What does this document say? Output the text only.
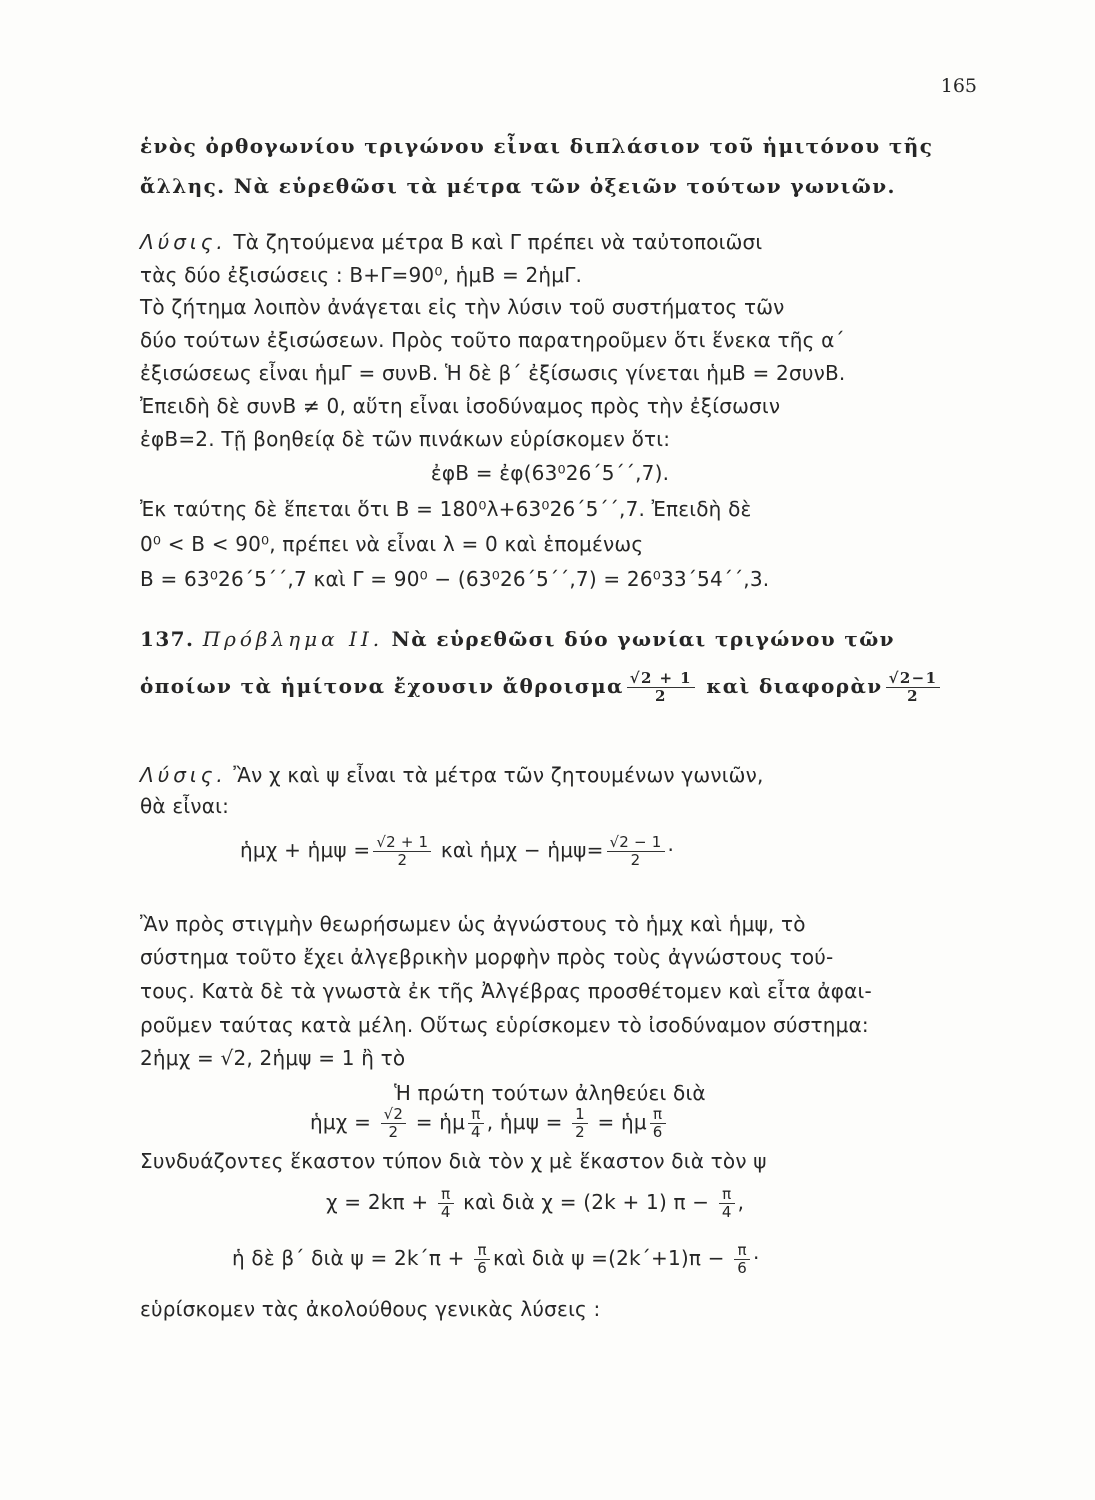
165
ἑνὸς ὀρθογωνίου τριγώνου εἶναι διπλάσιον τοῦ ἡμιτόνου τῆς
ἄλλης. Νὰ εὑρεθῶσι τὰ μέτρα τῶν ὀξειῶν τούτων γωνιῶν.
Λύσις. Τὰ ζητούμενα μέτρα Β καὶ Γ πρέπει νὰ ταὐτοποιῶσι
τὰς δύο ἐξισώσεις : Β+Γ=90⁰, ἡμΒ = 2ἡμΓ.
Τὸ ζήτημα λοιπὸν ἀνάγεται εἰς τὴν λύσιν τοῦ συστήματος τῶν
δύο τούτων ἐξισώσεων. Πρὸς τοῦτο παρατηροῦμεν ὅτι ἕνεκα τῆς α΄
ἐξισώσεως εἶναι ἡμΓ = συνΒ. Ἡ δὲ β΄ ἐξίσωσις γίνεται ἡμΒ = 2συνΒ.
Ἐπειδὴ δὲ συνΒ ≠ 0, αὕτη εἶναι ἰσοδύναμος πρὸς τὴν ἐξίσωσιν
ἐφΒ=2. Τῇ βοηθείᾳ δὲ τῶν πινάκων εὑρίσκομεν ὅτι:
ἐφΒ = ἐφ(63⁰26΄5΄΄,7).
Ἐκ ταύτης δὲ ἕπεται ὅτι Β = 180⁰λ+63⁰26΄5΄΄,7. Ἐπειδὴ δὲ
0⁰ < Β < 90⁰, πρέπει νὰ εἶναι λ = 0 καὶ ἑπομένως
Β = 63⁰26΄5΄΄,7 καὶ Γ = 90⁰ − (63⁰26΄5΄΄,7) = 26⁰33΄54΄΄,3.
137. Πρόβλημα ΙΙ. Νὰ εὑρεθῶσι δύο γωνίαι τριγώνου τῶν
ὁποίων τὰ ἡμίτονα ἔχουσιν ἄθροισμα $\frac{√2 + 1}{2}$ καὶ διαφορὰν $\frac{√2-1}{2}$
Λύσις. Ἂν χ καὶ ψ εἶναι τὰ μέτρα τῶν ζητουμένων γωνιῶν,
θὰ εἶναι:
ἡμχ + ἡμψ = $\frac{√2 + 1}{2}$ καὶ ἡμχ − ἡμψ= $\frac{√2 - 1}{2}$ ·
Ἂν πρὸς στιγμὴν θεωρήσωμεν ὡς ἀγνώστους τὸ ἡμχ καὶ ἡμψ, τὸ
σύστημα τοῦτο ἔχει ἀλγεβρικὴν μορφὴν πρὸς τοὺς ἀγνώστους τού-
τους. Κατὰ δὲ τὰ γνωστὰ ἐκ τῆς Ἀλγέβρας προσθέτομεν καὶ εἶτα ἀφαι-
ροῦμεν ταύτας κατὰ μέλη. Οὕτως εὑρίσκομεν τὸ ἰσοδύναμον σύστημα:
2ἡμχ = √2, 2ἡμψ = 1 ἢ τὸ
Ἡ πρώτη τούτων ἀληθεύει διὰ
ἡμχ = $\frac{√2}{2}$ = ἡμ $\frac{\pi}{4}$ , ἡμψ = $\frac{1}{2}$ = ἡμ $\frac{\pi}{6}$
Συνδυάζοντες ἕκαστον τύπον διὰ τὸν χ μὲ ἕκαστον διὰ τὸν ψ
$\chi = 2k\pi + \frac{\pi}{4}$ καὶ διὰ χ = (2k + 1) $\pi - \frac{\pi}{4}$ ,
ἡ δὲ β΄ διὰ $\psi = 2k΄\pi + \frac{\pi}{6}$ καὶ διὰ $\psi =(2k΄+1)\pi - \frac{\pi}{6}$ ·
εὑρίσκομεν τὰς ἀκολούθους γενικὰς λύσεις :
